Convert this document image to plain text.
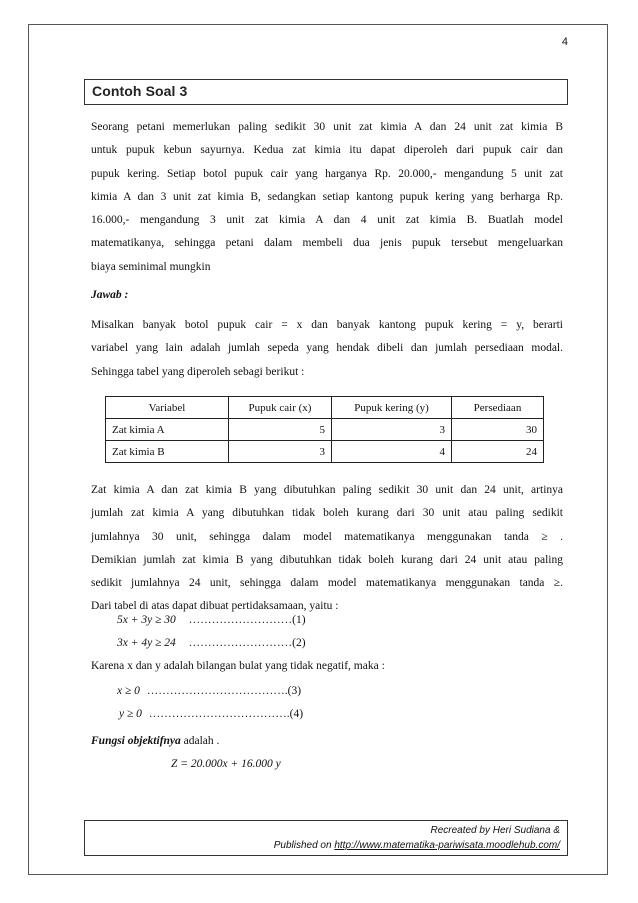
4
Contoh Soal 3
Seorang petani memerlukan paling sedikit 30 unit zat kimia A dan 24 unit zat kimia B
untuk pupuk kebun sayurnya. Kedua zat kimia itu dapat diperoleh dari pupuk cair dan
pupuk kering. Setiap botol pupuk cair yang harganya Rp. 20.000,- mengandung 5 unit zat
kimia A dan 3 unit zat kimia B, sedangkan setiap kantong pupuk kering yang berharga Rp.
16.000,- mengandung 3 unit zat kimia A dan 4 unit zat kimia B. Buatlah model
matematikanya, sehingga petani dalam membeli dua jenis pupuk tersebut mengeluarkan
biaya seminimal mungkin
Jawab :
Misalkan banyak botol pupuk cair = x dan banyak kantong pupuk kering = y, berarti
variabel yang lain adalah jumlah sepeda yang hendak dibeli dan jumlah persediaan modal.
Sehingga tabel yang diperoleh sebagi berikut :
Variabel	Pupuk cair (x)	Pupuk kering (y)	Persediaan
Zat kimia A	5	3	30
Zat kimia B	3	4	24
Zat kimia A dan zat kimia B yang dibutuhkan paling sedikit 30 unit dan 24 unit, artinya
jumlah zat kimia A yang dibutuhkan tidak boleh kurang dari 30 unit atau paling sedikit
jumlahnya 30 unit, sehingga dalam model matematikanya menggunakan tanda ≥ .
Demikian jumlah zat kimia B yang dibutuhkan tidak boleh kurang dari 24 unit atau paling
sedikit jumlahnya 24 unit, sehingga dalam model matematikanya menggunakan tanda ≥.
Dari tabel di atas dapat dibuat pertidaksamaan, yaitu :
5x + 3y ≥ 30 ………………………(1)
3x + 4y ≥ 24 ………………………(2)
Karena x dan y adalah bilangan bulat yang tidak negatif, maka :
x ≥ 0 ……………………………….(3)
y ≥ 0 ……………………………….(4)
Fungsi objektifnya adalah .
Z = 20.000x + 16.000 y
Recreated by Heri Sudiana &
Published on http://www.matematika-pariwisata.moodlehub.com/
